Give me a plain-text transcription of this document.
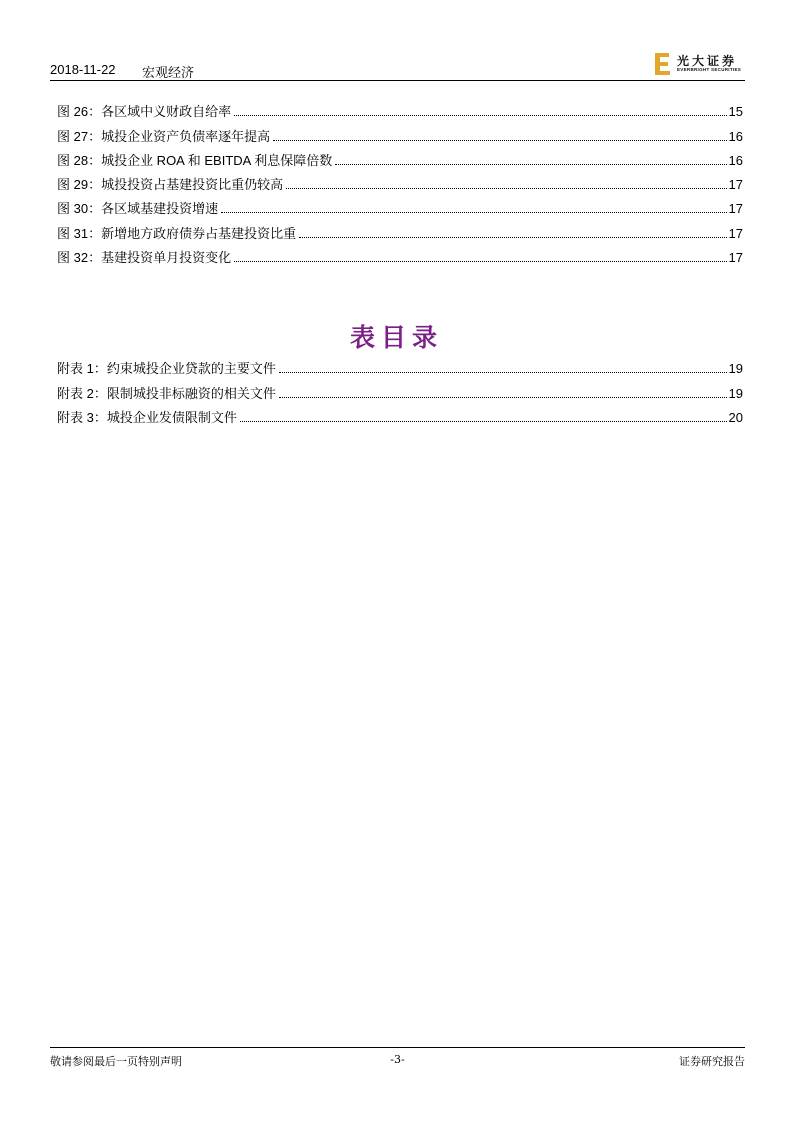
2018-11-22 宏观经济
光大证券
EVERBRIGHT SECURITIES
图 26：各区域中义财政自给率	15
图 27：城投企业资产负债率逐年提高	16
图 28：城投企业 ROA 和 EBITDA 利息保障倍数	16
图 29：城投投资占基建投资比重仍较高	17
图 30：各区域基建投资增速	17
图 31：新增地方政府债券占基建投资比重	17
图 32：基建投资单月投资变化	17
表目录
附表 1：约束城投企业贷款的主要文件	19
附表 2：限制城投非标融资的相关文件	19
附表 3：城投企业发债限制文件	20
敬请参阅最后一页特别声明	-3-	证券研究报告
